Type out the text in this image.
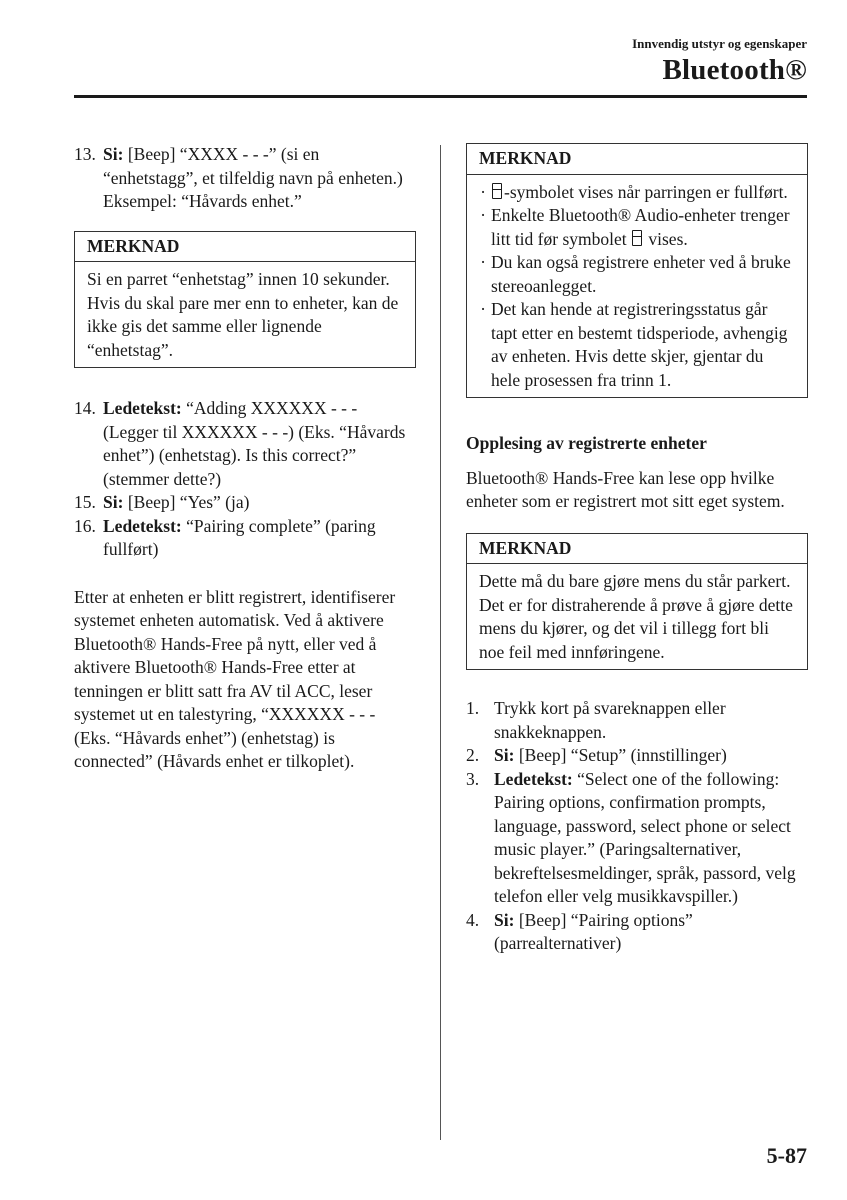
Innvendig utstyr og egenskaper
Bluetooth®
13. Si: [Beep] “XXXX - - -” (si en “enhetstagg”, et tilfeldig navn på enheten.)
Eksempel: “Håvards enhet.”
MERKNAD
Si en parret “enhetstag” innen 10 sekunder.
Hvis du skal pare mer enn to enheter, kan de ikke gis det samme eller lignende “enhetstag”.
14. Ledetekst: “Adding XXXXXX - - - (Legger til XXXXXX - - -) (Eks. “Håvards enhet”) (enhetstag). Is this correct?” (stemmer dette?)
15. Si: [Beep] “Yes” (ja)
16. Ledetekst: “Pairing complete” (paring fullført)
Etter at enheten er blitt registrert, identifiserer systemet enheten automatisk. Ved å aktivere Bluetooth® Hands-Free på nytt, eller ved å aktivere Bluetooth® Hands-Free etter at tenningen er blitt satt fra AV til ACC, leser systemet ut en talestyring, “XXXXXX - - - (Eks. “Håvards enhet”) (enhetstag) is connected” (Håvards enhet er tilkoplet).
MERKNAD
·	-symbolet vises når parringen er fullført.
· Enkelte Bluetooth® Audio-enheter trenger litt tid før symbolet  vises.
· Du kan også registrere enheter ved å bruke stereoanlegget.
· Det kan hende at registreringsstatus går tapt etter en bestemt tidsperiode, avhengig av enheten. Hvis dette skjer, gjentar du hele prosessen fra trinn 1.
Opplesing av registrerte enheter
Bluetooth® Hands-Free kan lese opp hvilke enheter som er registrert mot sitt eget system.
MERKNAD
Dette må du bare gjøre mens du står parkert. Det er for distraherende å prøve å gjøre dette mens du kjører, og det vil i tillegg fort bli noe feil med innføringene.
1. Trykk kort på svareknappen eller snakkeknappen.
2. Si: [Beep] “Setup” (innstillinger)
3. Ledetekst: “Select one of the following: Pairing options, confirmation prompts, language, password, select phone or select music player.” (Paringsalternativer, bekreftelsesmeldinger, språk, passord, velg telefon eller velg musikkavspiller.)
4. Si: [Beep] “Pairing options” (parrealternativer)
5-87
